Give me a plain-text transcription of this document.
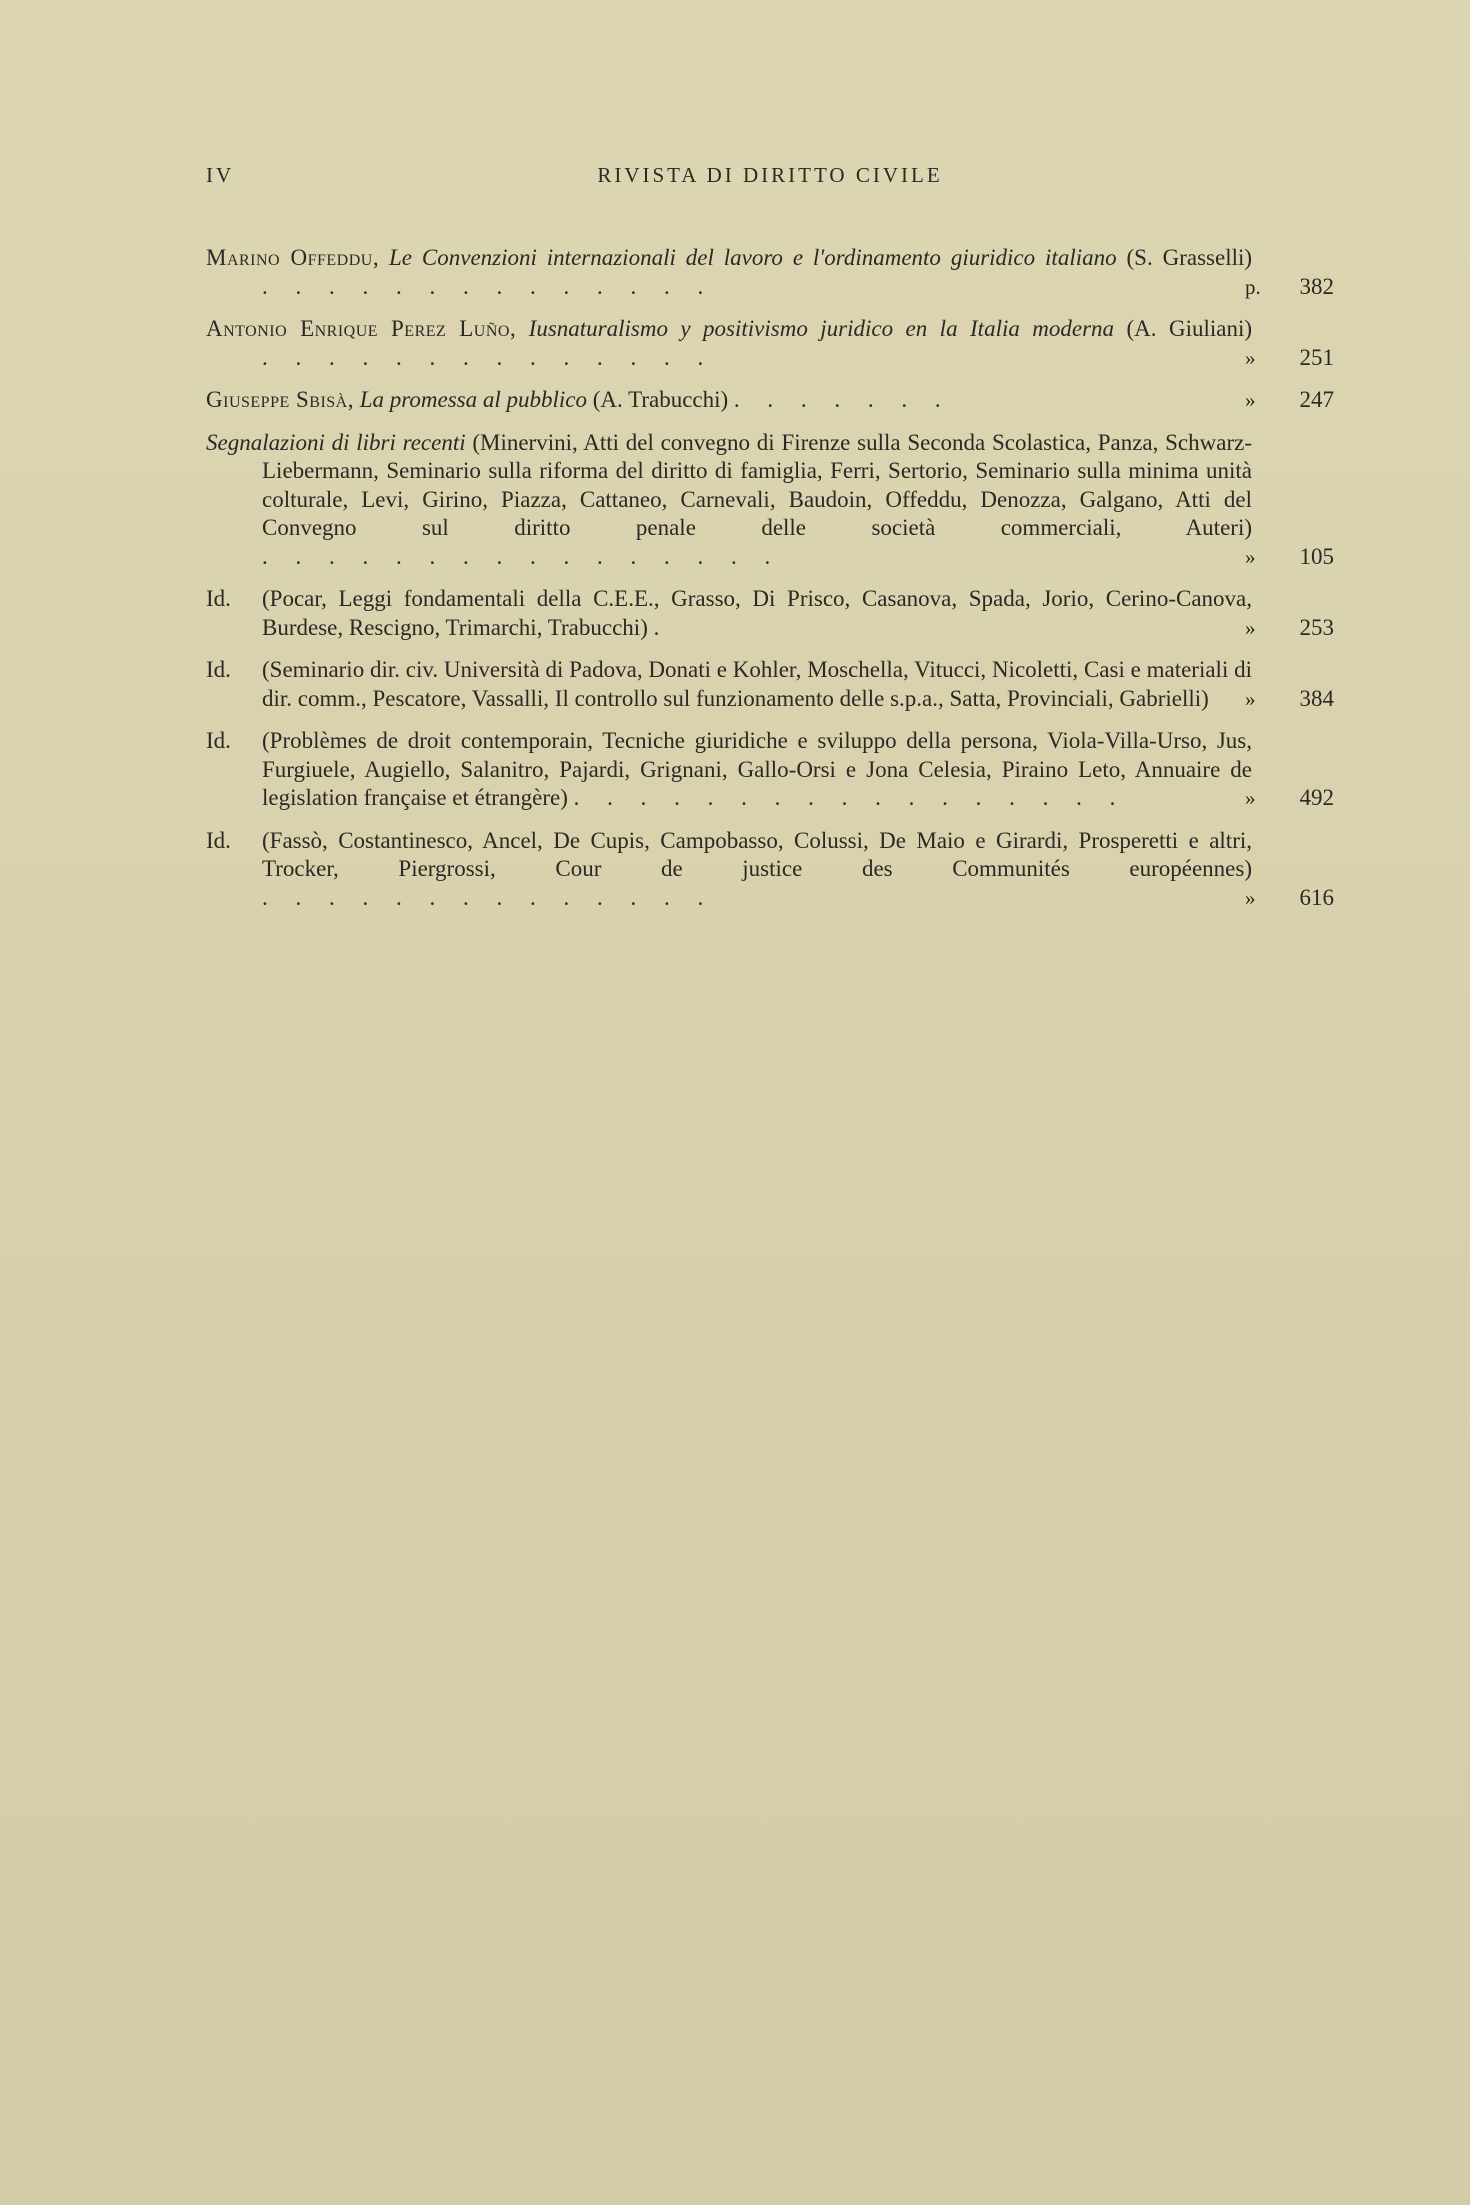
IV	RIVISTA DI DIRITTO CIVILE
Marino Offeddu, Le Convenzioni internazionali del lavoro e l'ordinamento giuridico italiano (S. Grasselli) . . . . . . . . . . . . . .	p. 382
Antonio Enrique Perez Luño, Iusnaturalismo y positivismo juridico en la Italia moderna (A. Giuliani) . . . . . . . . . . . . . .	» 251
Giuseppe Sbisà, La promessa al pubblico (A. Trabucchi) . . . . . . .	» 247
Segnalazioni di libri recenti (Minervini, Atti del convegno di Firenze sulla Seconda Scolastica, Panza, Schwarz-Liebermann, Seminario sulla riforma del diritto di famiglia, Ferri, Sertorio, Seminario sulla minima unità colturale, Levi, Girino, Piazza, Cattaneo, Carnevali, Baudoin, Offeddu, Denozza, Galgano, Atti del Convegno sul diritto penale delle società commerciali, Auteri) . . . . . . . . . . . . . . . .	» 105
Id. (Pocar, Leggi fondamentali della C.E.E., Grasso, Di Prisco, Casanova, Spada, Jorio, Cerino-Canova, Burdese, Rescigno, Trimarchi, Trabucchi) .	» 253
Id. (Seminario dir. civ. Università di Padova, Donati e Kohler, Moschella, Vitucci, Nicoletti, Casi e materiali di dir. comm., Pescatore, Vassalli, Il controllo sul funzionamento delle s.p.a., Satta, Provinciali, Gabrielli)	» 384
Id. (Problèmes de droit contemporain, Tecniche giuridiche e sviluppo della persona, Viola-Villa-Urso, Jus, Furgiuele, Augiello, Salanitro, Pajardi, Grignani, Gallo-Orsi e Jona Celesia, Piraino Leto, Annuaire de legislation française et étrangère) . . . . . . . . . . . . . . . . .	» 492
Id. (Fassò, Costantinesco, Ancel, De Cupis, Campobasso, Colussi, De Maio e Girardi, Prosperetti e altri, Trocker, Piergrossi, Cour de justice des Communités européennes) . . . . . . . . . . . . . .	» 616
